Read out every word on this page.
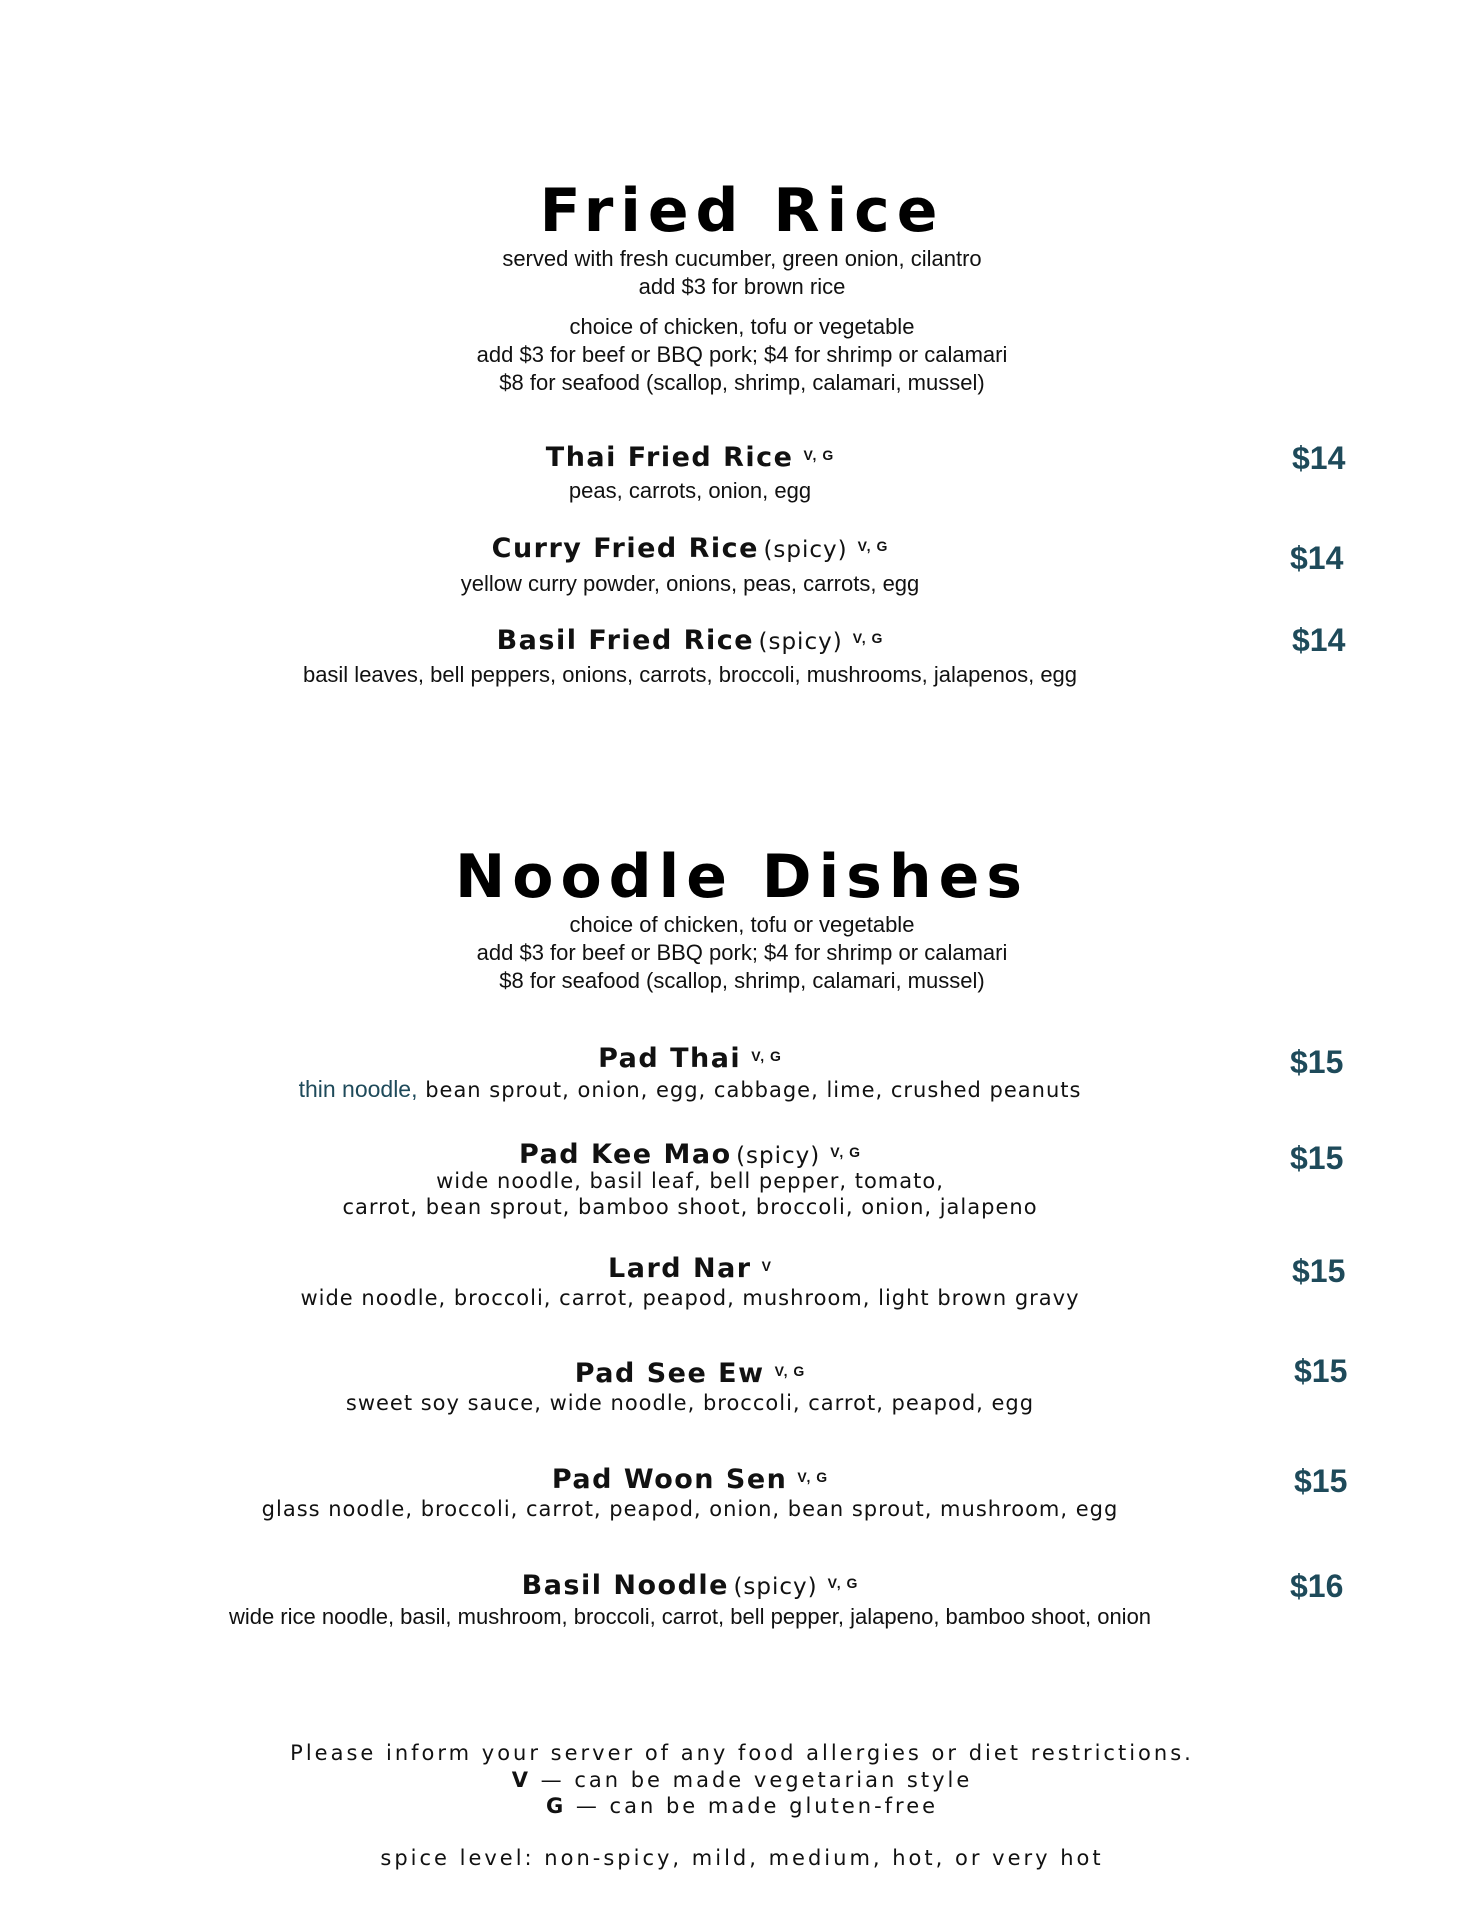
Fried Rice
served with fresh cucumber, green onion, cilantro
add $3 for brown rice
choice of chicken, tofu or vegetable
add $3 for beef or BBQ pork; $4 for shrimp or calamari
$8 for seafood (scallop, shrimp, calamari, mussel)
Thai Fried Rice V, G
peas, carrots, onion, egg
$14
Curry Fried Rice (spicy) V, G
yellow curry powder, onions, peas, carrots, egg
$14
Basil Fried Rice (spicy) V, G
basil leaves, bell peppers, onions, carrots, broccoli, mushrooms, jalapenos, egg
$14
Noodle Dishes
choice of chicken, tofu or vegetable
add $3 for beef or BBQ pork; $4 for shrimp or calamari
$8 for seafood (scallop, shrimp, calamari, mussel)
Pad Thai V, G
thin noodle, bean sprout, onion, egg, cabbage, lime, crushed peanuts
$15
Pad Kee Mao (spicy) V, G
wide noodle, basil leaf, bell pepper, tomato,
carrot, bean sprout, bamboo shoot, broccoli, onion, jalapeno
$15
Lard Nar V
wide noodle, broccoli, carrot, peapod, mushroom, light brown gravy
$15
Pad See Ew V, G
sweet soy sauce, wide noodle, broccoli, carrot, peapod, egg
$15
Pad Woon Sen V, G
glass noodle, broccoli, carrot, peapod, onion, bean sprout, mushroom, egg
$15
Basil Noodle (spicy) V, G
wide rice noodle, basil, mushroom, broccoli, carrot, bell pepper, jalapeno, bamboo shoot, onion
$16
Please inform your server of any food allergies or diet restrictions.
V — can be made vegetarian style
G — can be made gluten-free
spice level: non-spicy, mild, medium, hot, or very hot
